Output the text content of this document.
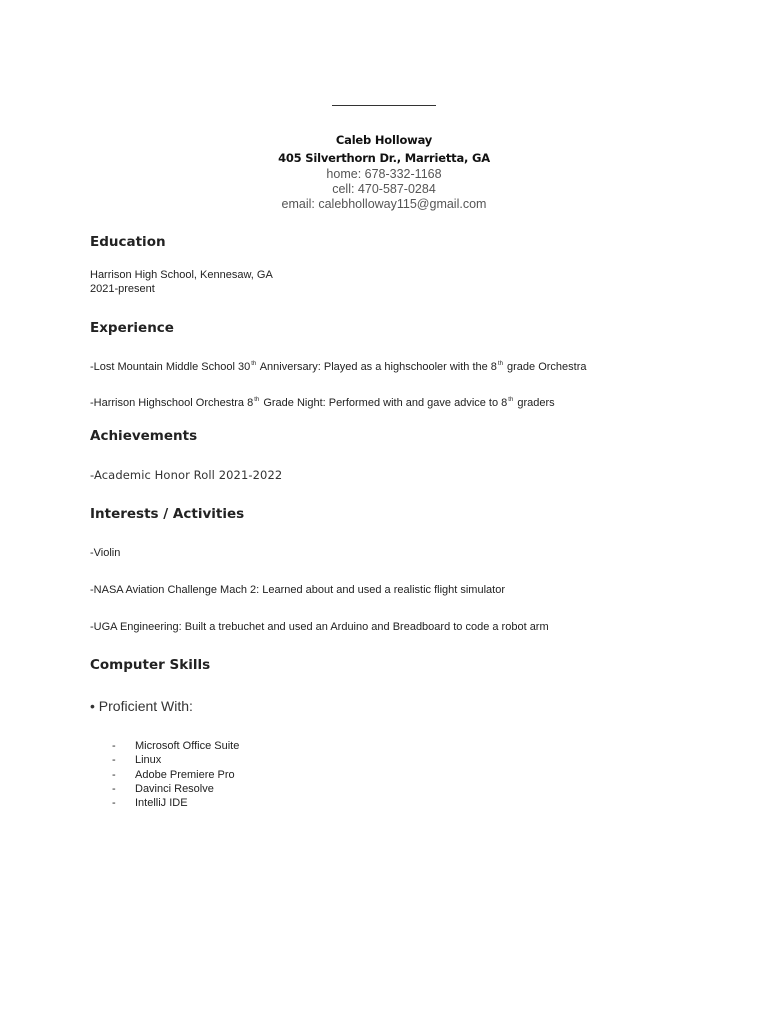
Caleb Holloway
405 Silverthorn Dr., Marrietta, GA
home: 678-332-1168
cell: 470-587-0284
email: calebholloway115@gmail.com
Education
Harrison High School, Kennesaw, GA
2021-present
Experience
-Lost Mountain Middle School 30th Anniversary: Played as a highschooler with the 8th grade Orchestra
-Harrison Highschool Orchestra 8th Grade Night: Performed with and gave advice to 8th graders
Achievements
-Academic Honor Roll 2021-2022
Interests / Activities
-Violin
-NASA Aviation Challenge Mach 2: Learned about and used a realistic flight simulator
-UGA Engineering: Built a trebuchet and used an Arduino and Breadboard to code a robot arm
Computer Skills
• Proficient With:
- Microsoft Office Suite
- Linux
- Adobe Premiere Pro
- Davinci Resolve
- IntelliJ IDE
